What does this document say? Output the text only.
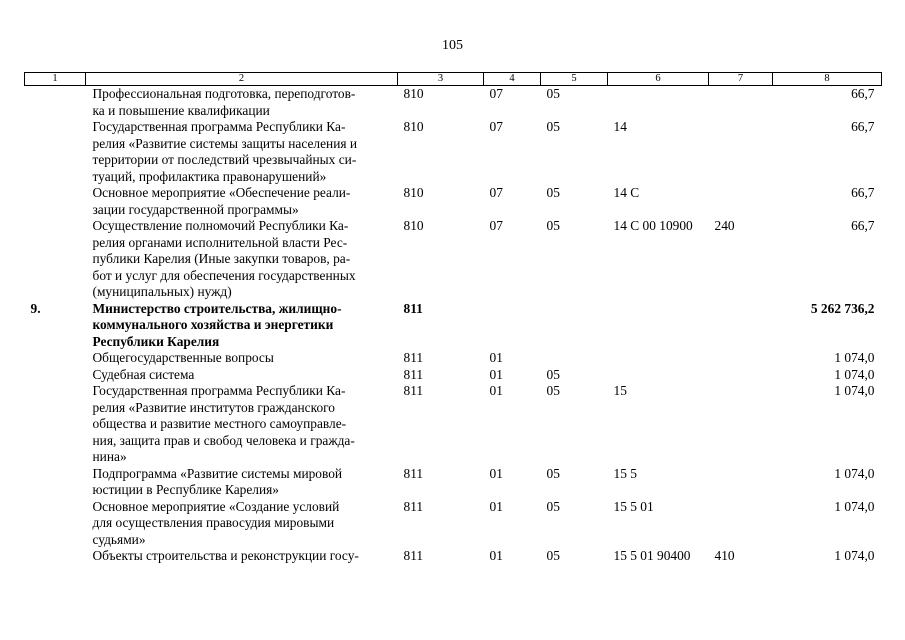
105
1	2	3	4	5	6	7	8
	Профессиональная подготовка, переподготов-
ка и повышение квалификации	810	07	05			66,7
	Государственная программа Республики Ка-
релия «Развитие системы защиты населения и
территории от последствий чрезвычайных си-
туаций, профилактика правонарушений»	810	07	05	14		66,7
	Основное мероприятие «Обеспечение реали-
зации государственной программы»	810	07	05	14 С		66,7
	Осуществление полномочий Республики Ка-
релия органами исполнительной власти Рес-
публики Карелия (Иные закупки товаров, ра-
бот и услуг для обеспечения государственных
(муниципальных) нужд)	810	07	05	14 С 00 10900	240	66,7
9.	Министерство строительства, жилищно-
коммунального хозяйства и энергетики
Республики Карелия	811					5 262 736,2
	Общегосударственные вопросы	811	01				1 074,0
	Судебная система	811	01	05			1 074,0
	Государственная программа Республики Ка-
релия «Развитие институтов гражданского
общества и развитие местного самоуправле-
ния, защита прав и свобод человека и гражда-
нина»	811	01	05	15		1 074,0
	Подпрограмма «Развитие системы мировой
юстиции в Республике Карелия»	811	01	05	15 5		1 074,0
	Основное мероприятие «Создание условий
для осуществления правосудия мировыми
судьями»	811	01	05	15 5 01		1 074,0
	Объекты строительства и реконструкции госу-	811	01	05	15 5 01 90400	410	1 074,0
